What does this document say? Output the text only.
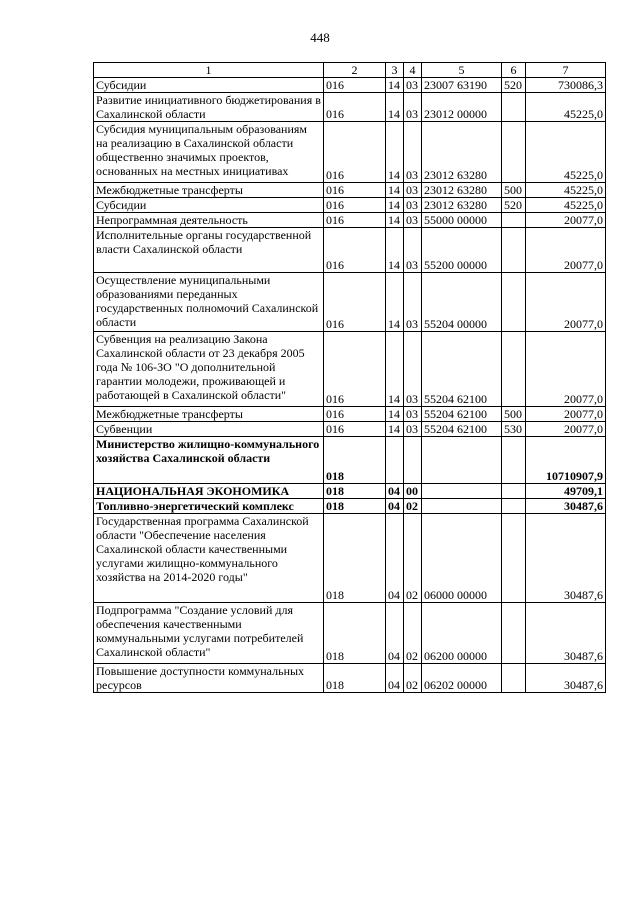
448
1	2	3	4	5	6	7
Субсидии	016	14	03	23007 63190	520	730086,3
Развитие инициативного бюджетирования в Сахалинской области	016	14	03	23012 00000		45225,0
Субсидия муниципальным образованиям на реализацию в Сахалинской области общественно значимых проектов, основанных на местных инициативах	016	14	03	23012 63280		45225,0
Межбюджетные трансферты	016	14	03	23012 63280	500	45225,0
Субсидии	016	14	03	23012 63280	520	45225,0
Непрограммная деятельность	016	14	03	55000 00000		20077,0
Исполнительные органы государственной власти Сахалинской области	016	14	03	55200 00000		20077,0
Осуществление муниципальными образованиями переданных государственных полномочий Сахалинской области	016	14	03	55204 00000		20077,0
Субвенция на реализацию Закона Сахалинской области от 23 декабря 2005 года № 106-ЗО "О дополнительной гарантии молодежи, проживающей и работающей в Сахалинской области"	016	14	03	55204 62100		20077,0
Межбюджетные трансферты	016	14	03	55204 62100	500	20077,0
Субвенции	016	14	03	55204 62100	530	20077,0
Министерство жилищно-коммунального хозяйства Сахалинской области	018					10710907,9
НАЦИОНАЛЬНАЯ ЭКОНОМИКА	018	04	00			49709,1
Топливно-энергетический комплекс	018	04	02			30487,6
Государственная программа Сахалинской области "Обеспечение населения Сахалинской области качественными услугами жилищно-коммунального хозяйства на 2014-2020 годы"	018	04	02	06000 00000		30487,6
Подпрограмма "Создание условий для обеспечения качественными коммунальными услугами потребителей Сахалинской области"	018	04	02	06200 00000		30487,6
Повышение доступности коммунальных ресурсов	018	04	02	06202 00000		30487,6
